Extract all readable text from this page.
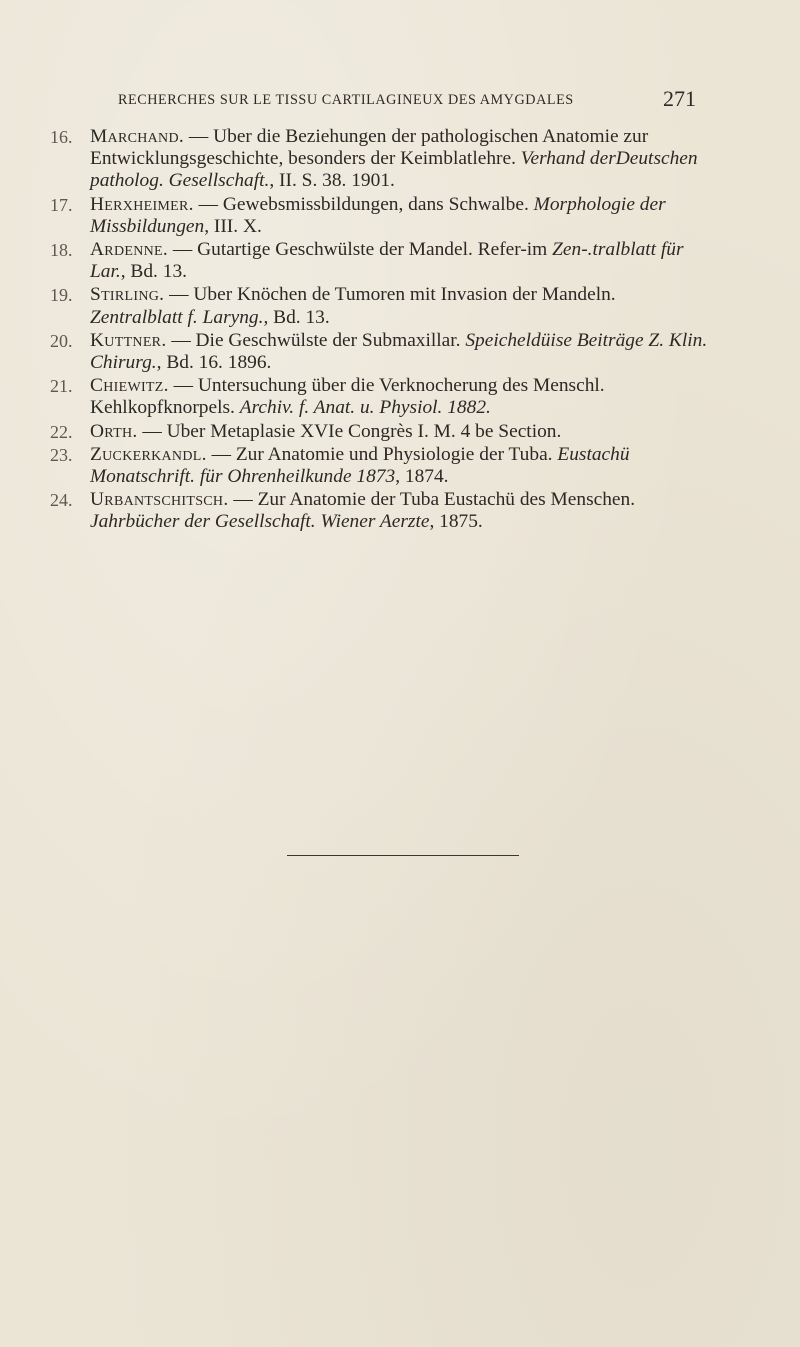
RECHERCHES SUR LE TISSU CARTILAGINEUX DES AMYGDALES	271
16. Marchand. — Uber die Beziehungen der pathologischen Anatomie zur Entwicklungsgeschichte, besonders der Keimblatlehre. Verhand derDeutschen patholog. Gesellschaft., II. S. 38. 1901.
17. Herxheimer. — Gewebsmissbildungen, dans Schwalbe. Morphologie der Missbildungen, III. X.
18. Ardenne. — Gutartige Geschwülste der Mandel. Refer-im Zen-.tralblatt für Lar., Bd. 13.
19. Stirling. — Uber Knöchen de Tumoren mit Invasion der Mandeln. Zentralblatt f. Laryng., Bd. 13.
20. Kuttner. — Die Geschwülste der Submaxillar. Speicheldüise Beiträge Z. Klin. Chirurg., Bd. 16. 1896.
21. Chiewitz. — Untersuchung über die Verknocherung des Menschl. Kehlkopfknorpels. Archiv. f. Anat. u. Physiol. 1882.
22. Orth. — Uber Metaplasie XVIe Congrès I. M. 4 be Section.
23. Zuckerkandl. — Zur Anatomie und Physiologie der Tuba. Eustachü Monatschrift. für Ohrenheilkunde 1873, 1874.
24. Urbantschitsch. — Zur Anatomie der Tuba Eustachü des Menschen. Jahrbücher der Gesellschaft. Wiener Aerzte, 1875.
